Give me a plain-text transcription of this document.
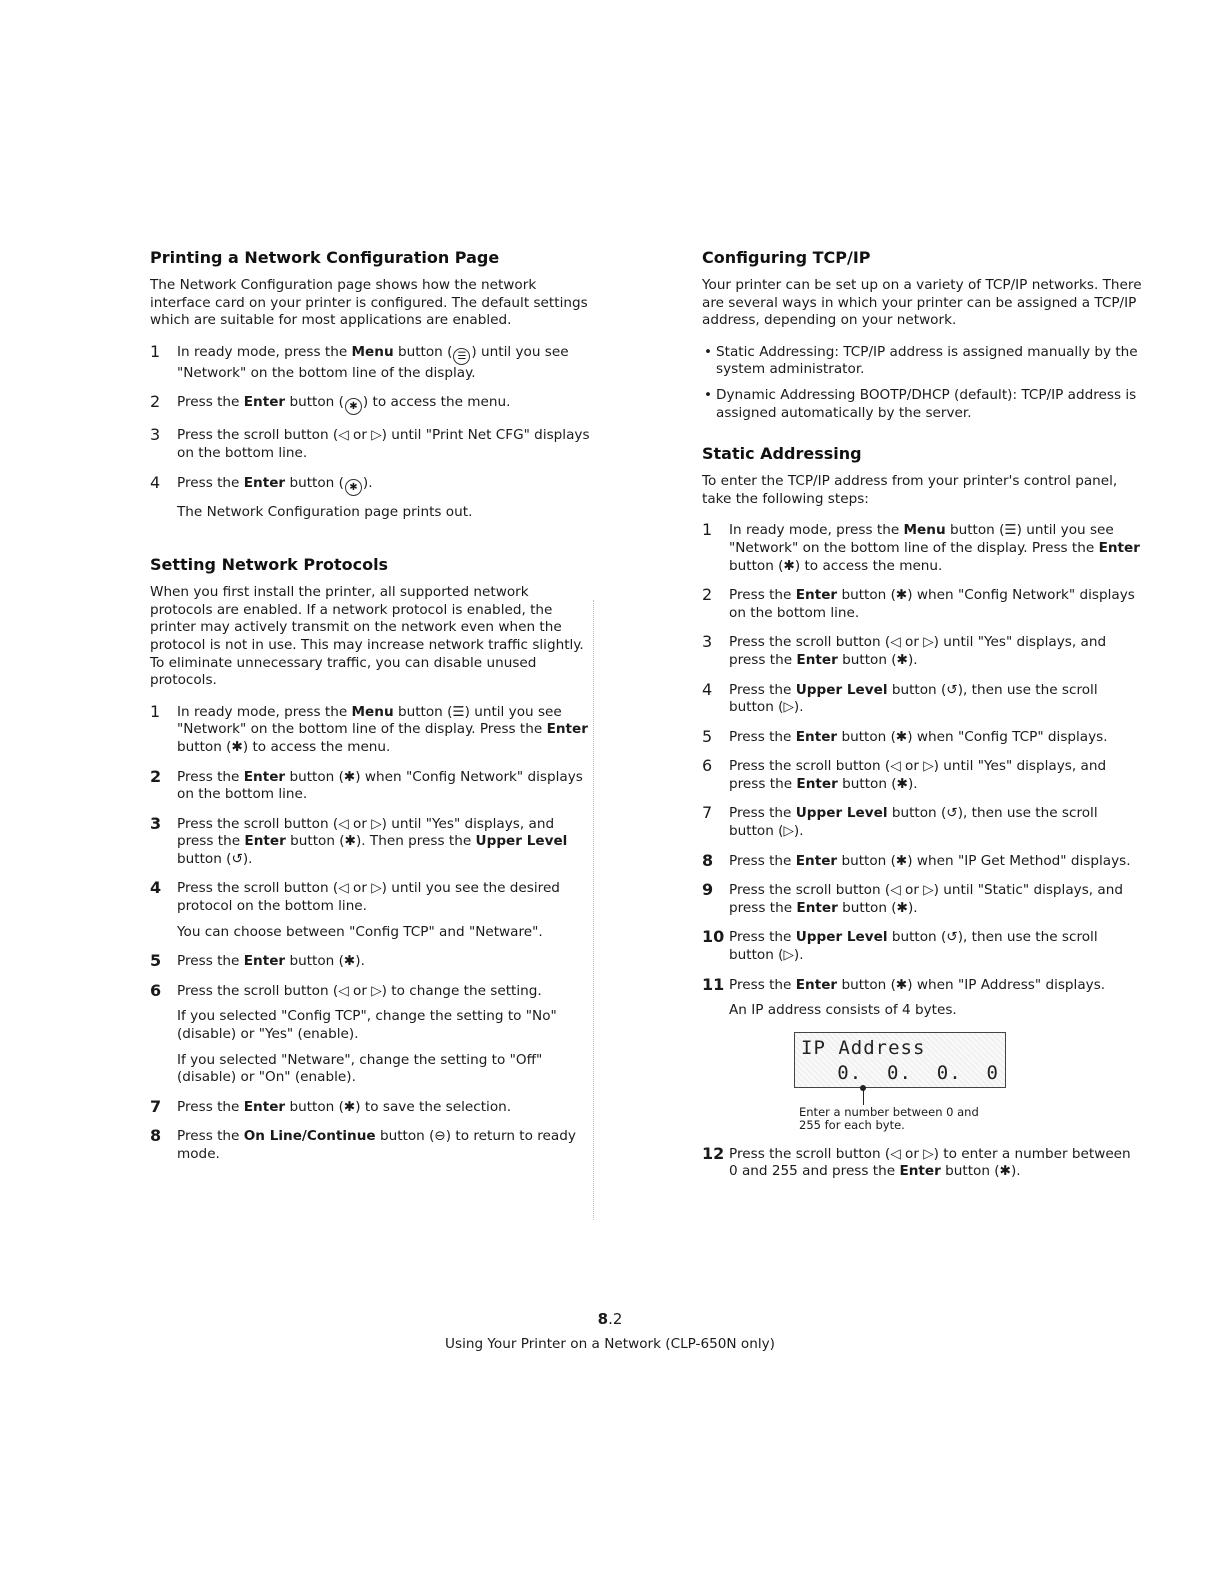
Printing a Network Configuration Page

The Network Configuration page shows how the network interface card on your printer is configured. The default settings which are suitable for most applications are enabled.

1 In ready mode, press the Menu button ( ☰ ) until you see "Network" on the bottom line of the display.
2 Press the Enter button ( ✱ ) to access the menu.
3 Press the scroll button (◁ or ▷) until "Print Net CFG" displays on the bottom line.
4 Press the Enter button ( ✱ ).
The Network Configuration page prints out.
Setting Network Protocols

When you first install the printer, all supported network protocols are enabled. If a network protocol is enabled, the printer may actively transmit on the network even when the protocol is not in use. This may increase network traffic slightly. To eliminate unnecessary traffic, you can disable unused protocols.

1 In ready mode, press the Menu button (☰) until you see "Network" on the bottom line of the display. Press the Enter button (✱) to access the menu.
2 Press the Enter button (✱) when "Config Network" displays on the bottom line.
3 Press the scroll button (◁ or ▷) until "Yes" displays, and press the Enter button (✱). Then press the Upper Level button (↺).
4 Press the scroll button (◁ or ▷) until you see the desired protocol on the bottom line.
You can choose between "Config TCP" and "Netware".
5 Press the Enter button (✱).
6 Press the scroll button (◁ or ▷) to change the setting.
If you selected "Config TCP", change the setting to "No" (disable) or "Yes" (enable).
If you selected "Netware", change the setting to "Off" (disable) or "On" (enable).
7 Press the Enter button (✱) to save the selection.
8 Press the On Line/Continue button (⊖) to return to ready mode.
Configuring TCP/IP

Your printer can be set up on a variety of TCP/IP networks. There are several ways in which your printer can be assigned a TCP/IP address, depending on your network.

• Static Addressing: TCP/IP address is assigned manually by the system administrator.
• Dynamic Addressing BOOTP/DHCP (default): TCP/IP address is assigned automatically by the server.
Static Addressing

To enter the TCP/IP address from your printer's control panel, take the following steps:

1 In ready mode, press the Menu button (☰) until you see "Network" on the bottom line of the display. Press the Enter button (✱) to access the menu.
2 Press the Enter button (✱) when "Config Network" displays on the bottom line.
3 Press the scroll button (◁ or ▷) until "Yes" displays, and press the Enter button (✱).
4 Press the Upper Level button (↺), then use the scroll button (▷).
5 Press the Enter button (✱) when "Config TCP" displays.
6 Press the scroll button (◁ or ▷) until "Yes" displays, and press the Enter button (✱).
7 Press the Upper Level button (↺), then use the scroll button (▷).
8 Press the Enter button (✱) when "IP Get Method" displays.
9 Press the scroll button (◁ or ▷) until "Static" displays, and press the Enter button (✱).
10 Press the Upper Level button (↺), then use the scroll button (▷).
11 Press the Enter button (✱) when "IP Address" displays.
An IP address consists of 4 bytes.
IP Address
0.  0.  0.  0
Enter a number between 0 and 255 for each byte.
12 Press the scroll button (◁ or ▷) to enter a number between 0 and 255 and press the Enter button (✱).
8.2
Using Your Printer on a Network (CLP-650N only)
